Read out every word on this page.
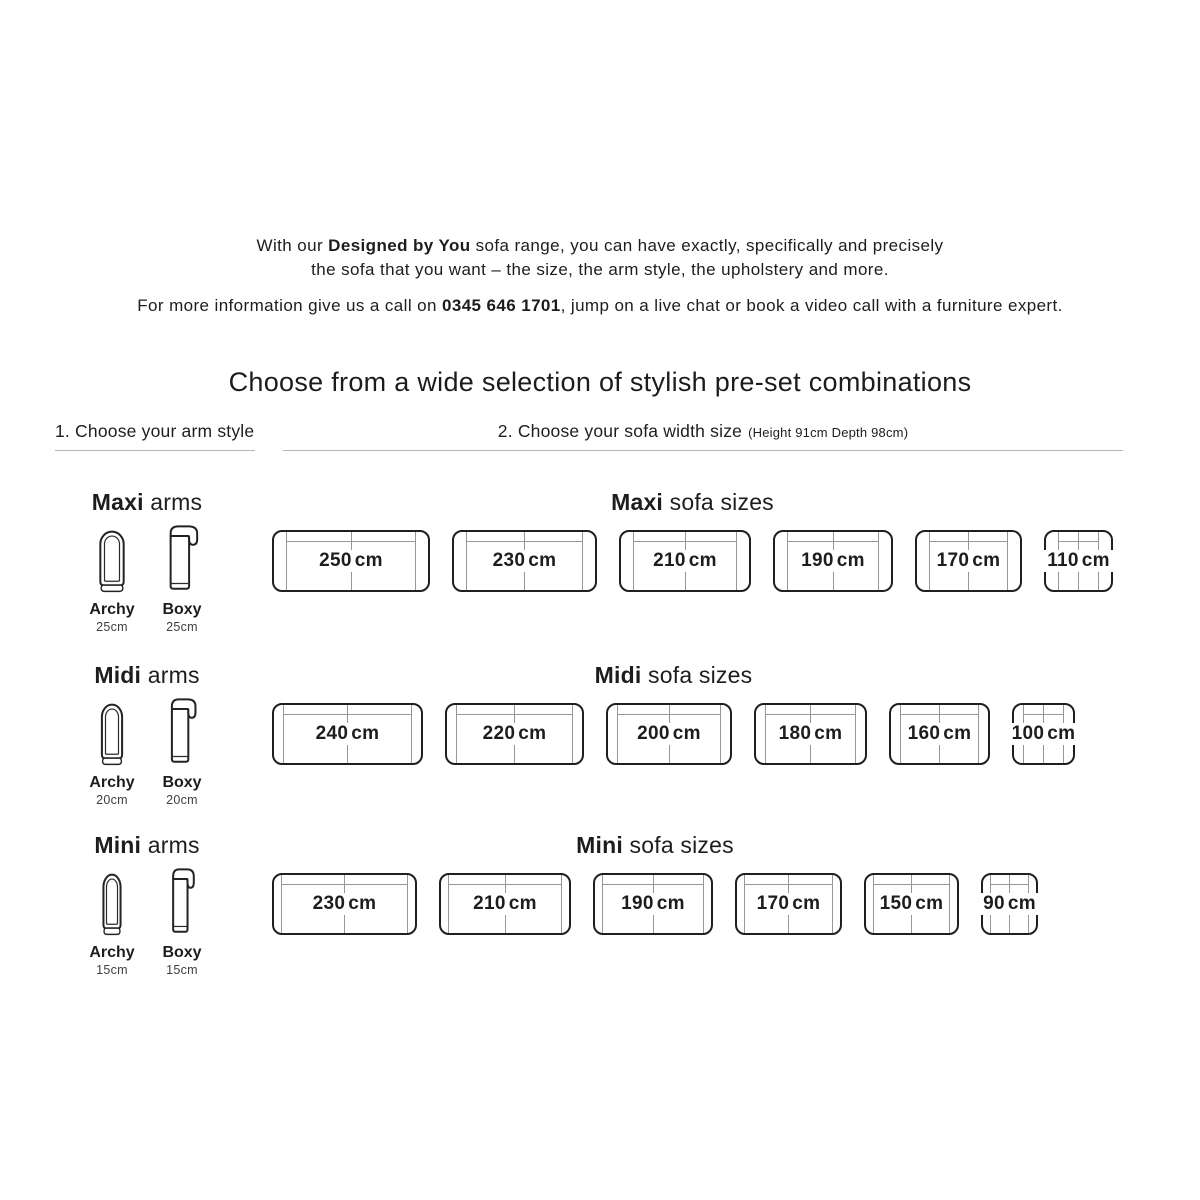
With our Designed by You sofa range, you can have exactly, specifically and precisely
the sofa that you want – the size, the arm style, the upholstery and more.

For more information give us a call on 0345 646 1701, jump on a live chat or book a video call with a furniture expert.

Choose from a wide selection of stylish pre-set combinations
1. Choose your arm style	2. Choose your sofa width size (Height 91cm Depth 98cm)
Maxi arms
Archy
25cm
Boxy
25cm
Maxi sofa sizes
250 cm	230 cm	210 cm	190 cm	170 cm 110 cm
Midi arms
Archy
20cm
Boxy
20cm
Midi sofa sizes
240 cm	220 cm	200 cm	180 cm	160 cm 100 cm
Mini arms
Archy
15cm
Boxy
15cm
Mini sofa sizes
230 cm	210 cm	190 cm	170 cm	150 cm 90 cm
